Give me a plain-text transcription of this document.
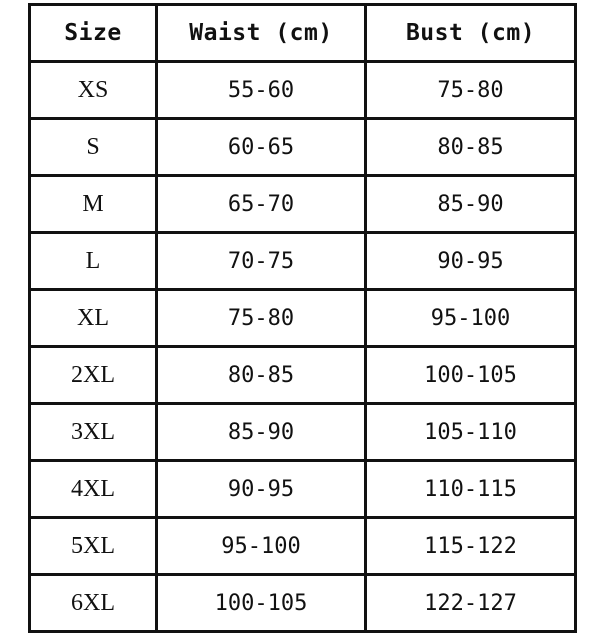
Size	Waist (cm)	Bust (cm)
XS	55-60	75-80
S	60-65	80-85
M	65-70	85-90
L	70-75	90-95
XL	75-80	95-100
2XL	80-85	100-105
3XL	85-90	105-110
4XL	90-95	110-115
5XL	95-100	115-122
6XL	100-105	122-127
